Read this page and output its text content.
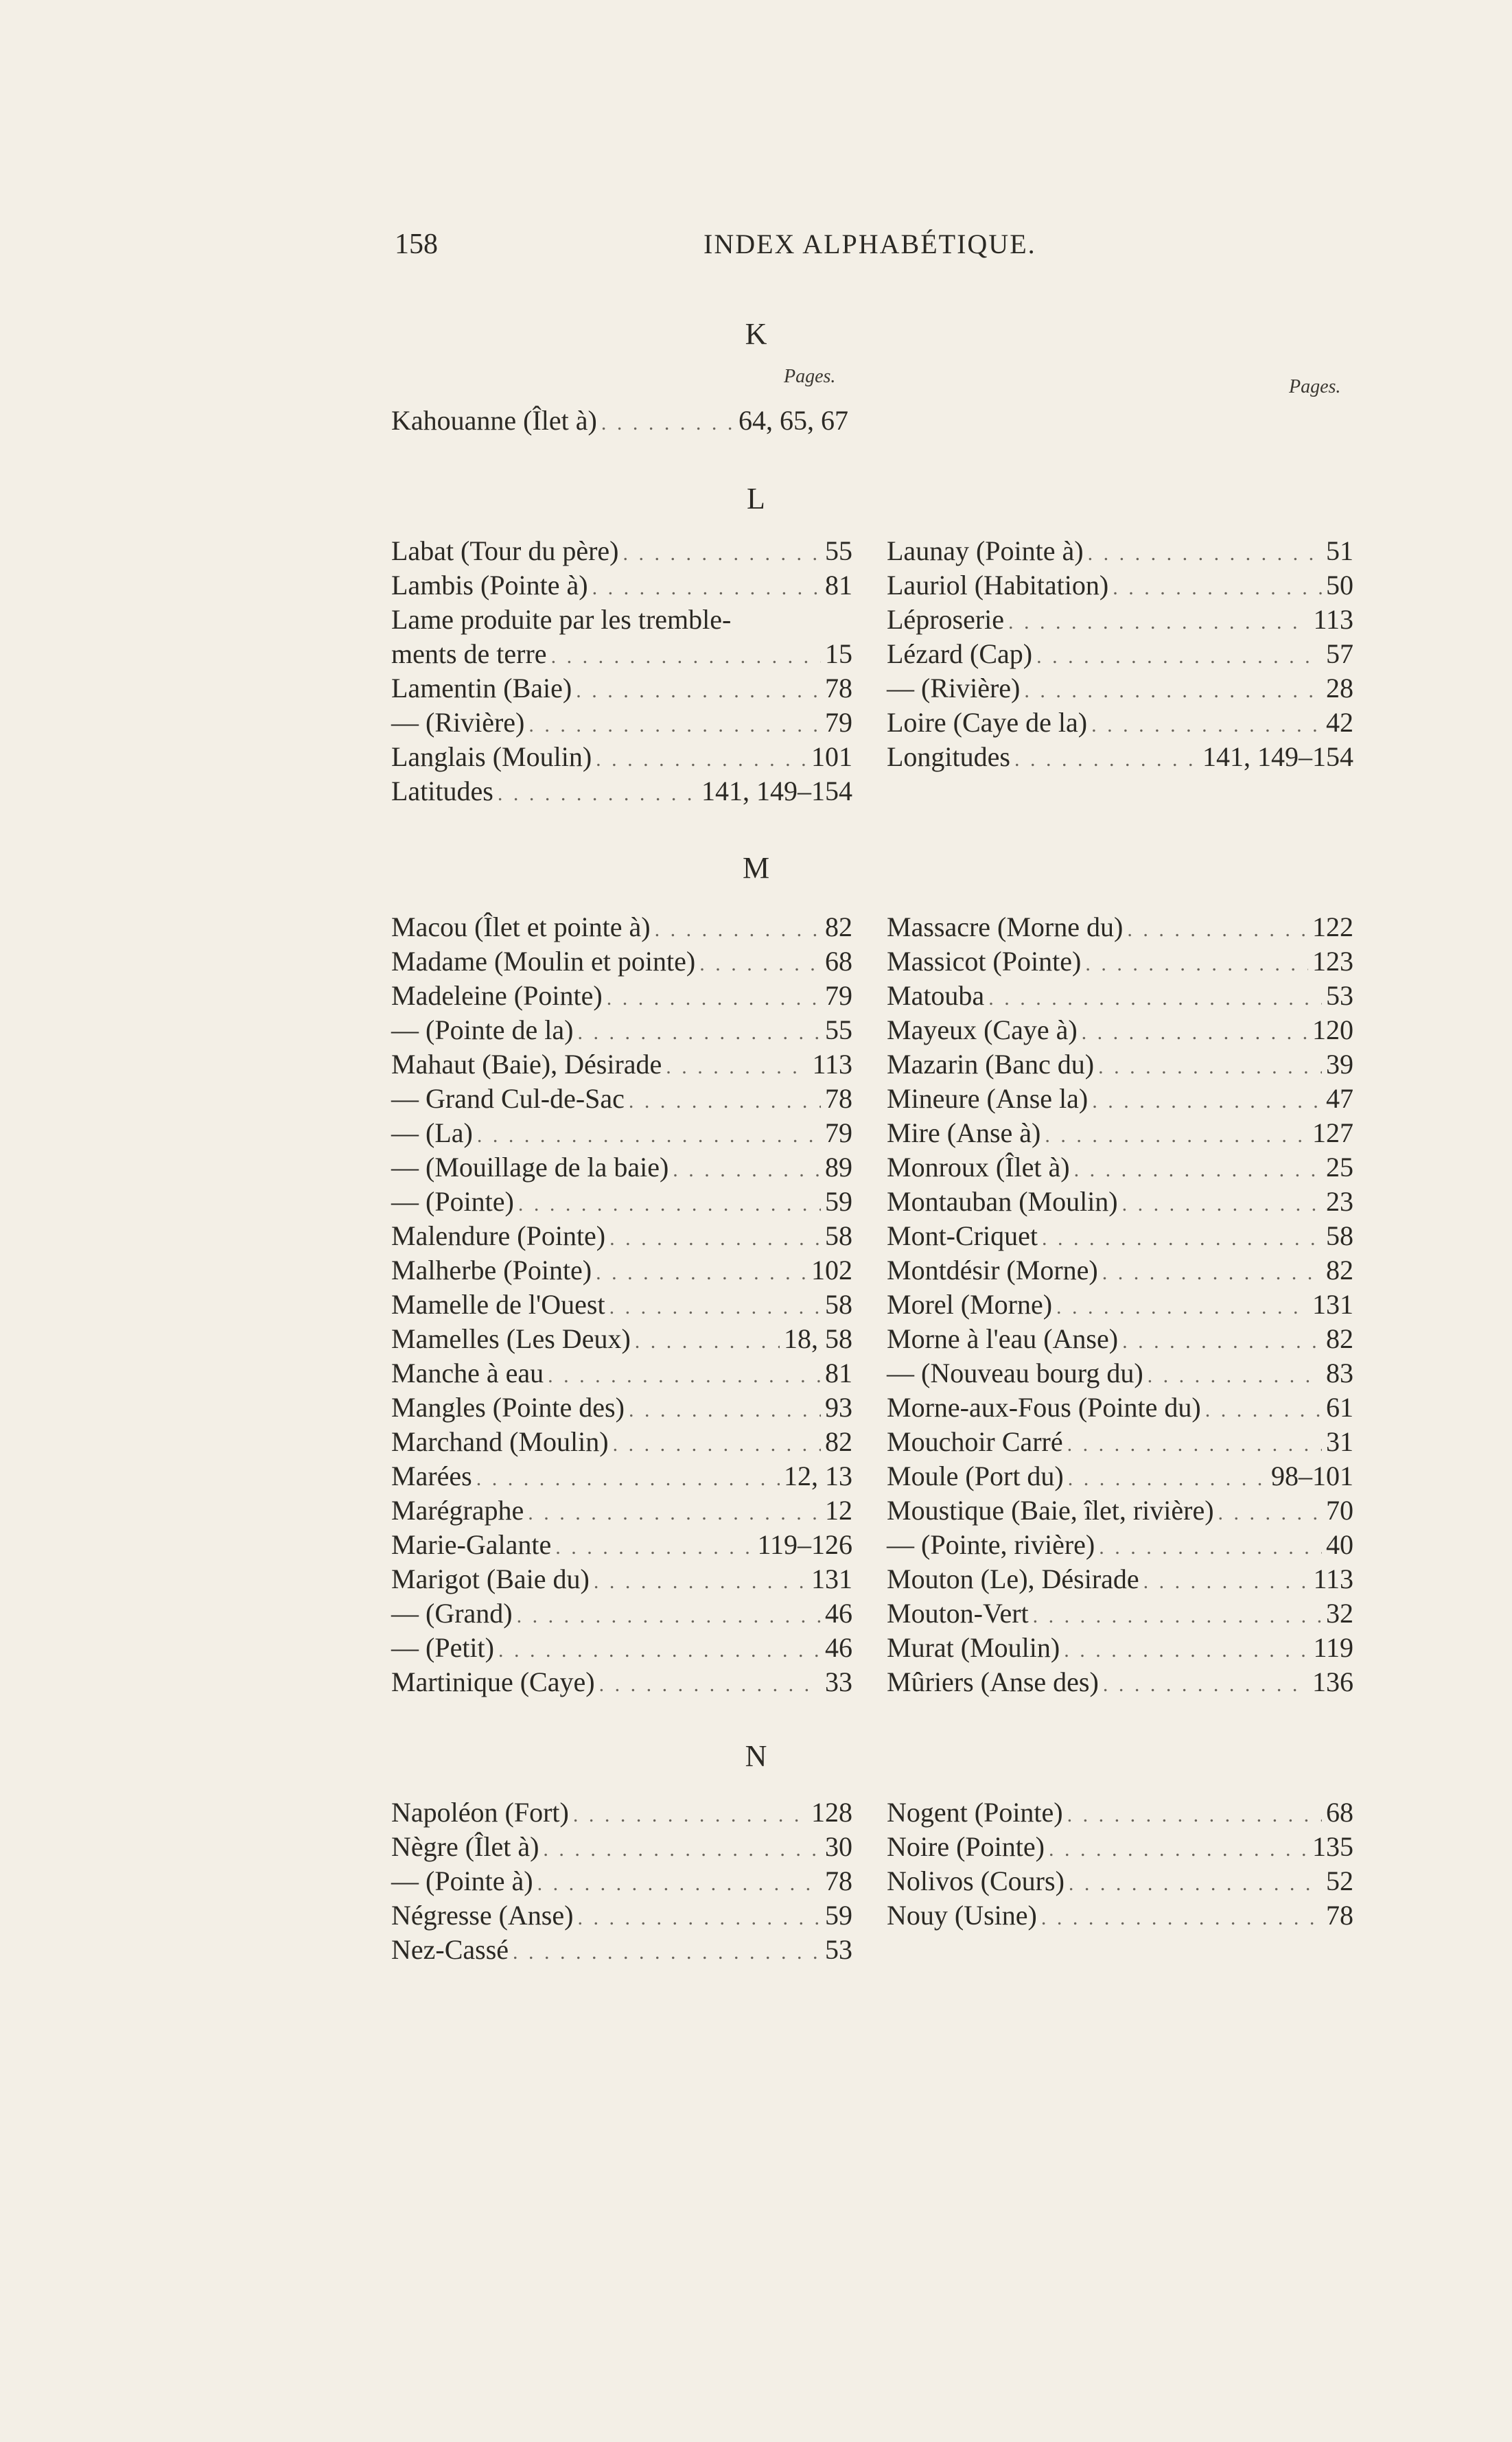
158	INDEX ALPHABÉTIQUE.
K
Pages.	Pages.
Kahouanne (Îlet à) . . .	64, 65, 67
L
Labat (Tour du père) . . .	55
Lambis (Pointe à) . . .	81
Lame produite par les tremble-
ments de terre . . .	15
Lamentin (Baie) . . .	78
— (Rivière) . . .	79
Langlais (Moulin) . . .	101
Latitudes . . .	141, 149–154
Launay (Pointe à) . . .	51
Lauriol (Habitation) . . .	50
Léproserie . . .	113
Lézard (Cap) . . .	57
— (Rivière) . . .	28
Loire (Caye de la) . . .	42
Longitudes . . .	141, 149–154
M
Macou (Îlet et pointe à) . . .	82
Madame (Moulin et pointe) . . .	68
Madeleine (Pointe) . . .	79
— (Pointe de la) . . .	55
Mahaut (Baie), Désirade . . .	113
— Grand Cul-de-Sac . . .	78
— (La) . . .	79
— (Mouillage de la baie) . . .	89
— (Pointe) . . .	59
Malendure (Pointe) . . .	58
Malherbe (Pointe) . . .	102
Mamelle de l'Ouest . . .	58
Mamelles (Les Deux) . . .	18, 58
Manche à eau . . .	81
Mangles (Pointe des) . . .	93
Marchand (Moulin) . . .	82
Marées . . .	12, 13
Marégraphe . . .	12
Marie-Galante . . .	119–126
Marigot (Baie du) . . .	131
— (Grand) . . .	46
— (Petit) . . .	46
Martinique (Caye) . . .	33
Massacre (Morne du) . . .	122
Massicot (Pointe) . . .	123
Matouba . . .	53
Mayeux (Caye à) . . .	120
Mazarin (Banc du) . . .	39
Mineure (Anse la) . . .	47
Mire (Anse à) . . .	127
Monroux (Îlet à) . . .	25
Montauban (Moulin) . . .	23
Mont-Criquet . . .	58
Montdésir (Morne) . . .	82
Morel (Morne) . . .	131
Morne à l'eau (Anse) . . .	82
— (Nouveau bourg du) . . .	83
Morne-aux-Fous (Pointe du) . . .	61
Mouchoir Carré . . .	31
Moule (Port du) . . .	98–101
Moustique (Baie, îlet, rivière) . . .	70
— (Pointe, rivière) . . .	40
Mouton (Le), Désirade . . .	113
Mouton-Vert . . .	32
Murat (Moulin) . . .	119
Mûriers (Anse des) . . .	136
N
Napoléon (Fort) . . .	128
Nègre (Îlet à) . . .	30
— (Pointe à) . . .	78
Négresse (Anse) . . .	59
Nez-Cassé . . .	53
Nogent (Pointe) . . .	68
Noire (Pointe) . . .	135
Nolivos (Cours) . . .	52
Nouy (Usine) . . .	78
